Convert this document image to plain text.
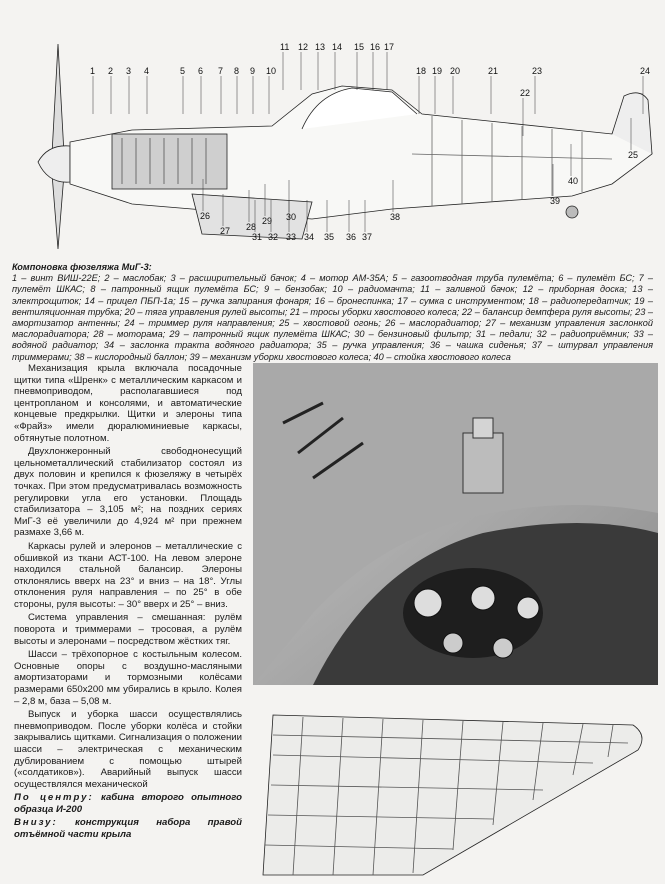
1 2 3 4	5 6 7 8 9 10
11 12 13 14 15 16 17
18 19 20	21
22
23	24
25
26
27 28
29 30
31 32 33 34 35 36 37
38
39
40
Компоновка фюзеляжа МиГ-3:
1 – винт ВИШ-22Е; 2 – маслобак; 3 – расширительный бачок; 4 – мотор АМ-35А; 5 – газоотводная труба пулемёта; 6 – пулемёт БС; 7 – пулемёт ШКАС; 8 – патронный ящик пулемёта БС; 9 – бензобак; 10 – радиомачта; 11 – заливной бачок; 12 – приборная доска; 13 – электрощиток; 14 – прицел ПБП-1а; 15 – ручка запирания фонаря; 16 – бронеспинка; 17 – сумка с инструментом; 18 – радиопередатчик; 19 – вентиляционная трубка; 20 – тяга управления рулей высоты; 21 – тросы уборки хвостового колеса; 22 – балансир демпфера руля высоты; 23 – амортизатор антенны; 24 – триммер руля направления; 25 – хвостовой огонь; 26 – маслорадиатор; 27 – механизм управления заслонкой маслорадиатора; 28 – моторама; 29 – патронный ящик пулемёта ШКАС; 30 – бензиновый фильтр; 31 – педали; 32 – радиоприёмник; 33 – водяной радиатор; 34 – заслонка тракта водяного радиатора; 35 – ручка управления; 36 – чашка сиденья; 37 – штурвал управления триммерами; 38 – кислородный баллон; 39 – механизм уборки хвостового колеса; 40 – стойка хвостового колеса

Механизация крыла включала посадочные щитки типа «Шренк» с металлическим каркасом и пневмоприводом, располагавшиеся под центропланом и консолями, и автоматические концевые предкрылки. Щитки и элероны типа «Фрайз» имели дюралюминиевые каркасы, обтянутые полотном.

Двухлонжеронный свободнонесущий цельнометаллический стабилизатор состоял из двух половин и крепился к фюзеляжу в четырёх точках. При этом предусматривалась возможность регулировки угла его установки. Площадь стабилизатора – 3,105 м²; на поздних сериях МиГ-3 её увеличили до 4,924 м² при прежнем размахе 3,66 м.

Каркасы рулей и элеронов – металлические с обшивкой из ткани АСТ-100. На левом элероне находился стальной балансир. Элероны отклонялись вверх на 23° и вниз – на 18°. Углы отклонения руля направления – по 25° в обе стороны, руля высоты: – 30° вверх и 25° – вниз.

Система управления – смешанная: рулём поворота и триммерами – тросовая, а рулём высоты и элеронами – посредством жёстких тяг.

Шасси – трёхопорное с костыльным колесом. Основные опоры с воздушно-масляными амортизаторами и тормозными колёсами размерами 650х200 мм убирались в крыло. Колея – 2,8 м, база – 5,08 м.

Выпуск и уборка шасси осуществлялись пневмоприводом. После уборки колёса и стойки закрывались щитками. Сигнализация о положении шасси – электрическая с механическим дублированием с помощью штырей («солдатиков»). Аварийный выпуск шасси осуществлялся механической

По центру: кабина второго опытного образца И-200

Внизу: конструкция набора правой отъёмной части крыла
